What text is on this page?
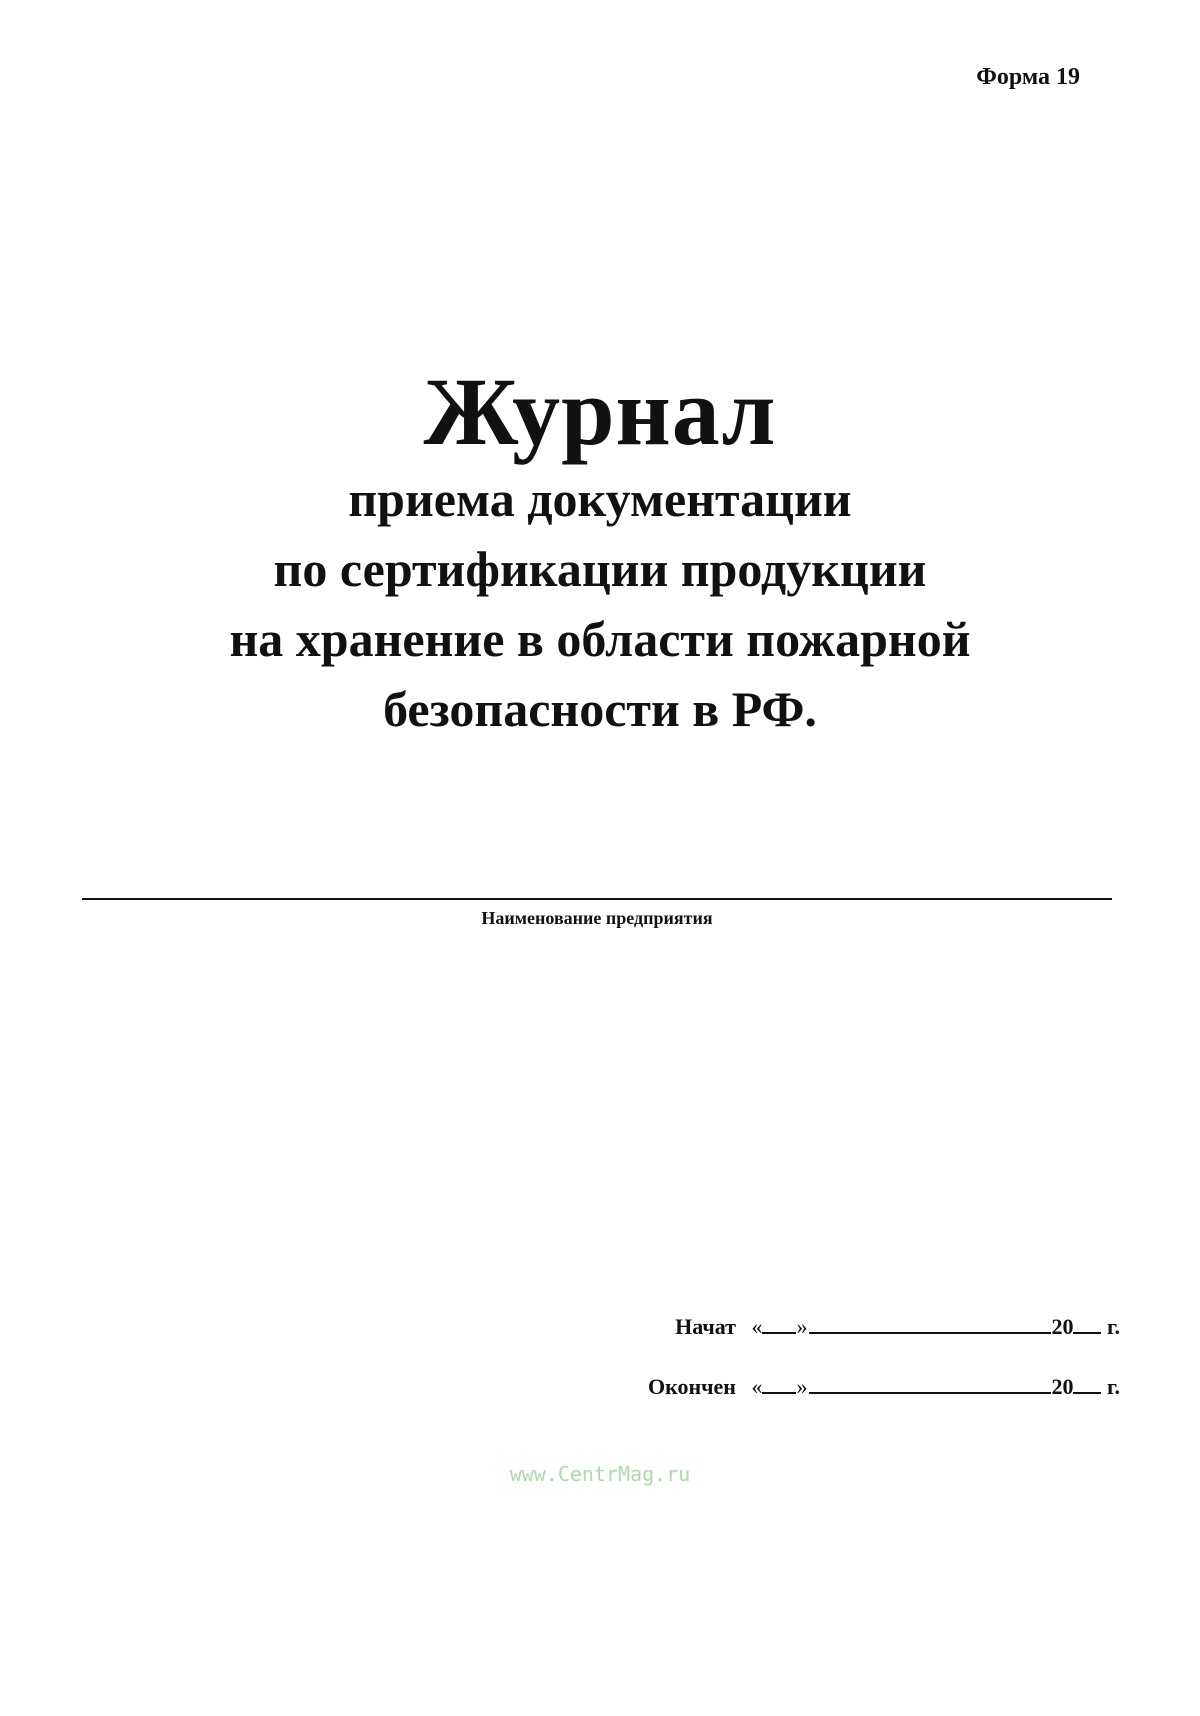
Форма 19
Журнал
приема документации
по сертификации продукции
на хранение в области пожарной
безопасности в РФ.
Наименование предприятия
Начат « »	20 г.
Окончен « »	20 г.
www.CentrMag.ru
